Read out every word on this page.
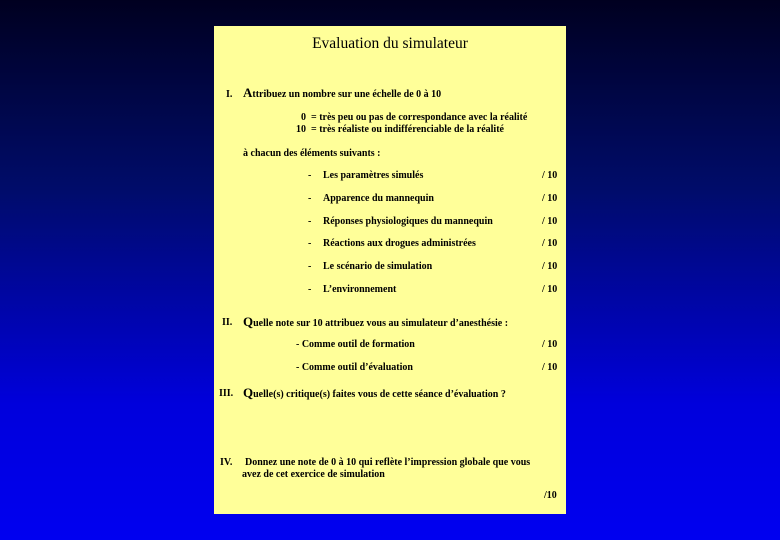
Evaluation du simulateur
I. Attribuez un nombre sur une échelle de 0 à 10
0 = très peu ou pas de correspondance avec la réalité
10 = très réaliste ou indifférenciable de la réalité
à chacun des éléments suivants :
- Les paramètres simulés	/ 10
- Apparence du mannequin	/ 10
- Réponses physiologiques du mannequin	/ 10
- Réactions aux drogues administrées	/ 10
- Le scénario de simulation	/ 10
- L’environnement	/ 10
II. Quelle note sur 10 attribuez vous au simulateur d’anesthésie :
- Comme outil de formation	/ 10
- Comme outil d’évaluation	/ 10
III. Quelle(s) critique(s) faites vous de cette séance d’évaluation ?
IV. Donnez une note de 0 à 10 qui reflète l’impression globale que vous
avez de cet exercice de simulation
/10
